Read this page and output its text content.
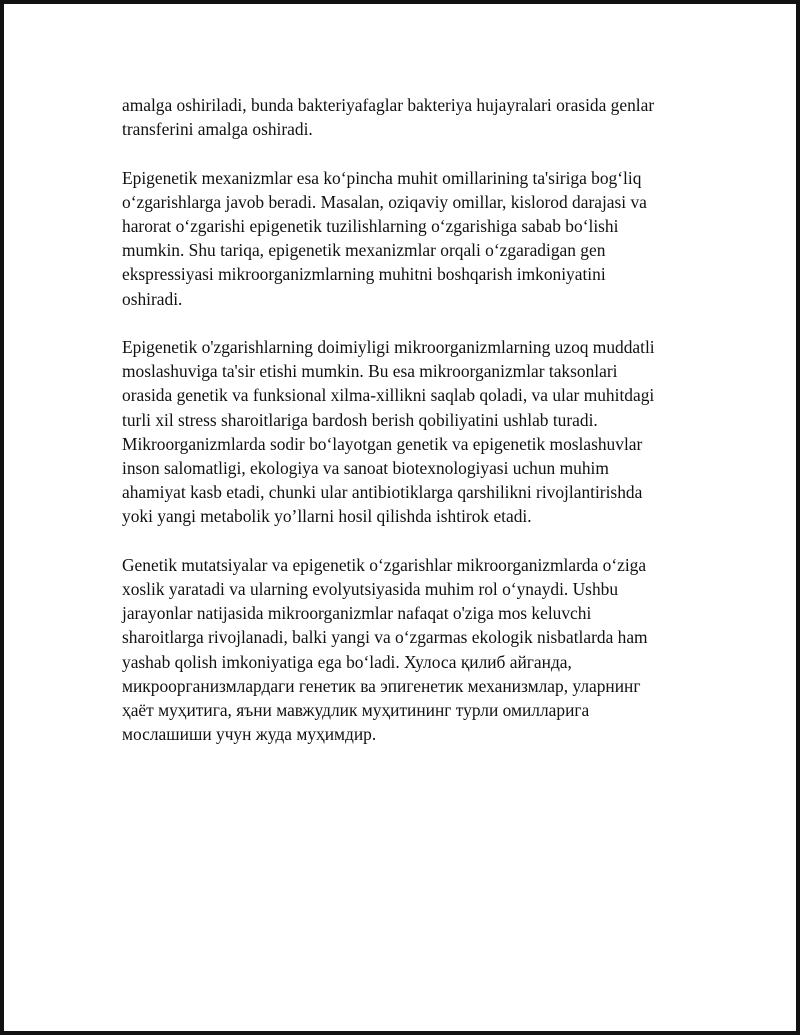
amalga oshiriladi, bunda bakteriyafaglar bakteriya hujayralari orasida genlar
transferini amalga oshiradi.

Epigenetik mexanizmlar esa koʻpincha muhit omillarining ta'siriga bogʻliq
oʻzgarishlarga javob beradi. Masalan, oziqaviy omillar, kislorod darajasi va
harorat oʻzgarishi epigenetik tuzilishlarning oʻzgarishiga sabab boʻlishi
mumkin. Shu tariqa, epigenetik mexanizmlar orqali oʻzgaradigan gen
ekspressiyasi mikroorganizmlarning muhitni boshqarish imkoniyatini
oshiradi.

Epigenetik o'zgarishlarning doimiyligi mikroorganizmlarning uzoq muddatli
moslashuviga ta'sir etishi mumkin. Bu esa mikroorganizmlar taksonlari
orasida genetik va funksional xilma-xillikni saqlab qoladi, va ular muhitdagi
turli xil stress sharoitlariga bardosh berish qobiliyatini ushlab turadi.
Mikroorganizmlarda sodir boʻlayotgan genetik va epigenetik moslashuvlar
inson salomatligi, ekologiya va sanoat biotexnologiyasi uchun muhim
ahamiyat kasb etadi, chunki ular antibiotiklarga qarshilikni rivojlantirishda
yoki yangi metabolik yoʼllarni hosil qilishda ishtirok etadi.

Genetik mutatsiyalar va epigenetik oʻzgarishlar mikroorganizmlarda oʻziga
xoslik yaratadi va ularning evolyutsiyasida muhim rol oʻynaydi. Ushbu
jarayonlar natijasida mikroorganizmlar nafaqat o'ziga mos keluvchi
sharoitlarga rivojlanadi, balki yangi va oʻzgarmas ekologik nisbatlarda ham
yashab qolish imkoniyatiga ega boʻladi. Хулоса қилиб айганда,
микроорганизмлардаги генетик ва эпигенетик механизмлар, уларнинг
ҳаёт муҳитига, яъни мавжудлик муҳитининг турли омилларига
мослашиши учун жуда муҳимдир.
